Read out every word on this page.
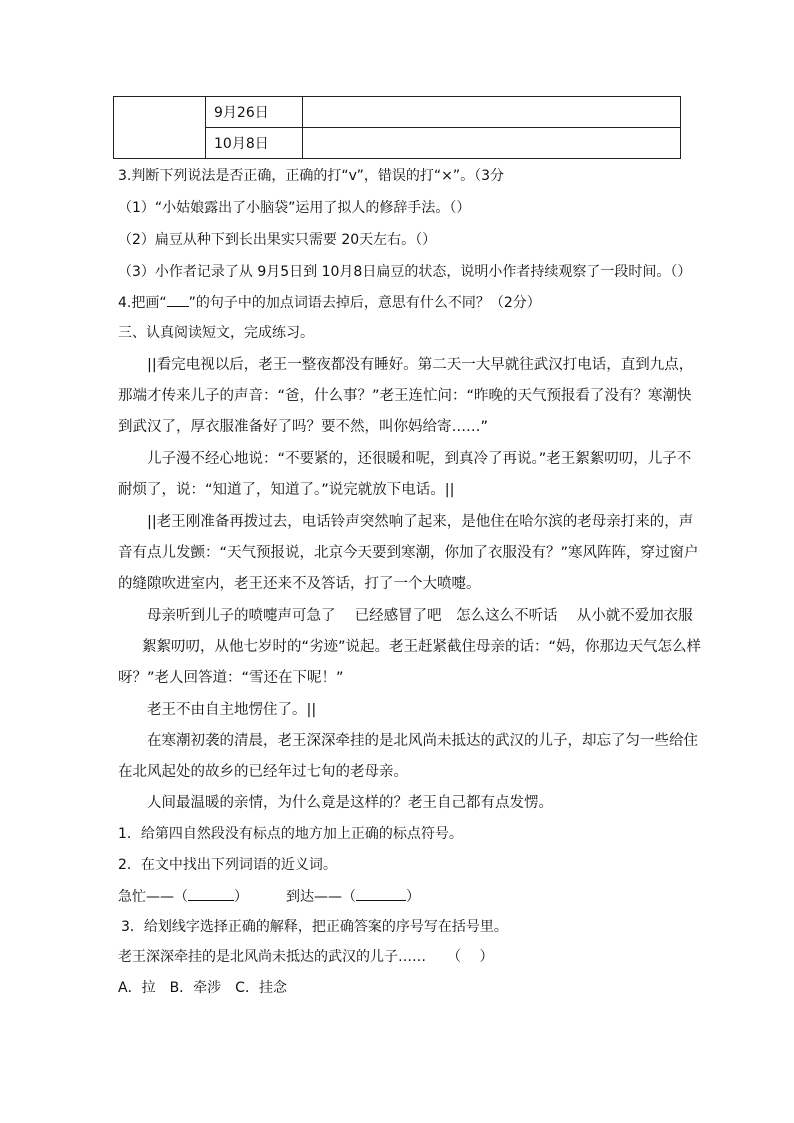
	9月26日	
	10月8日	
3.判断下列说法是否正确，正确的打“v”，错误的打“×”。（3分
（1）“小姑娘露出了小脑袋”运用了拟人的修辞手法。（）
（2）扁豆从种下到长出果实只需要 20天左右。（）
（3）小作者记录了从 9月5日到 10月8日扁豆的状态，说明小作者持续观察了一段时间。（）
4.把画“ ”的句子中的加点词语去掉后，意思有什么不同？（2分）
三、认真阅读短文，完成练习。
||看完电视以后，老王一整夜都没有睡好。第二天一大早就往武汉打电话，直到九点，
那端才传来儿子的声音：“爸，什么事？”老王连忙问：“昨晚的天气预报看了没有？寒潮快
到武汉了，厚衣服准备好了吗？要不然，叫你妈给寄……”
儿子漫不经心地说：“不要紧的，还很暖和呢，到真冷了再说。”老王絮絮叨叨，儿子不
耐烦了，说：“知道了，知道了。”说完就放下电话。||
||老王刚准备再拨过去，电话铃声突然响了起来，是他住在哈尔滨的老母亲打来的，声
音有点儿发颤：“天气预报说，北京今天要到寒潮，你加了衣服没有？”寒风阵阵，穿过窗户
的缝隙吹进室内，老王还来不及答话，打了一个大喷嚏。
母亲听到儿子的喷嚏声可急了　 已经感冒了吧　怎么这么不听话　 从小就不爱加衣服
絮絮叨叨，从他七岁时的“劣迹”说起。老王赶紧截住母亲的话：“妈，你那边天气怎么样
呀？”老人回答道：“雪还在下呢！”
老王不由自主地愣住了。||
在寒潮初袭的清晨，老王深深牵挂的是北风尚未抵达的武汉的儿子，却忘了匀一些给住
在北风起处的故乡的已经年过七旬的老母亲。
人间最温暖的亲情，为什么竟是这样的？老王自己都有点发愣。
1．给第四自然段没有标点的地方加上正确的标点符号。
2．在文中找出下列词语的近义词。
急忙——（	）	到达——（	）
3．给划线字选择正确的解释，把正确答案的序号写在括号里。
老王深深牵挂的是北风尚未抵达的武汉的儿子……　　（　 ）
A．拉　B．牵涉　C．挂念
